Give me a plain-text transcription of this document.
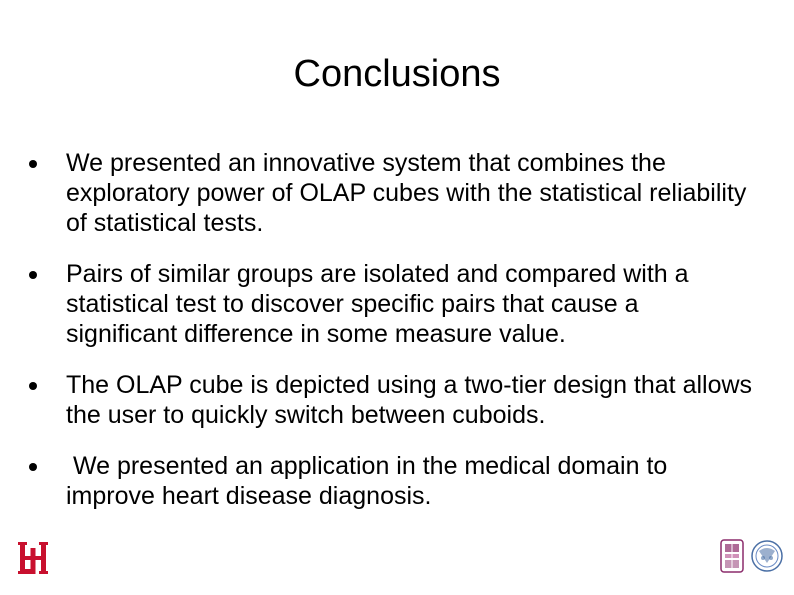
Conclusions
We presented an innovative system that combines the exploratory power of OLAP cubes with the statistical reliability of statistical tests.
Pairs of similar groups are isolated and compared with a statistical test to discover specific pairs that cause a significant difference in some measure value.
The OLAP cube is depicted using a two-tier design that allows the user to quickly switch between cuboids.
We presented an application in the medical domain to improve heart disease diagnosis.
